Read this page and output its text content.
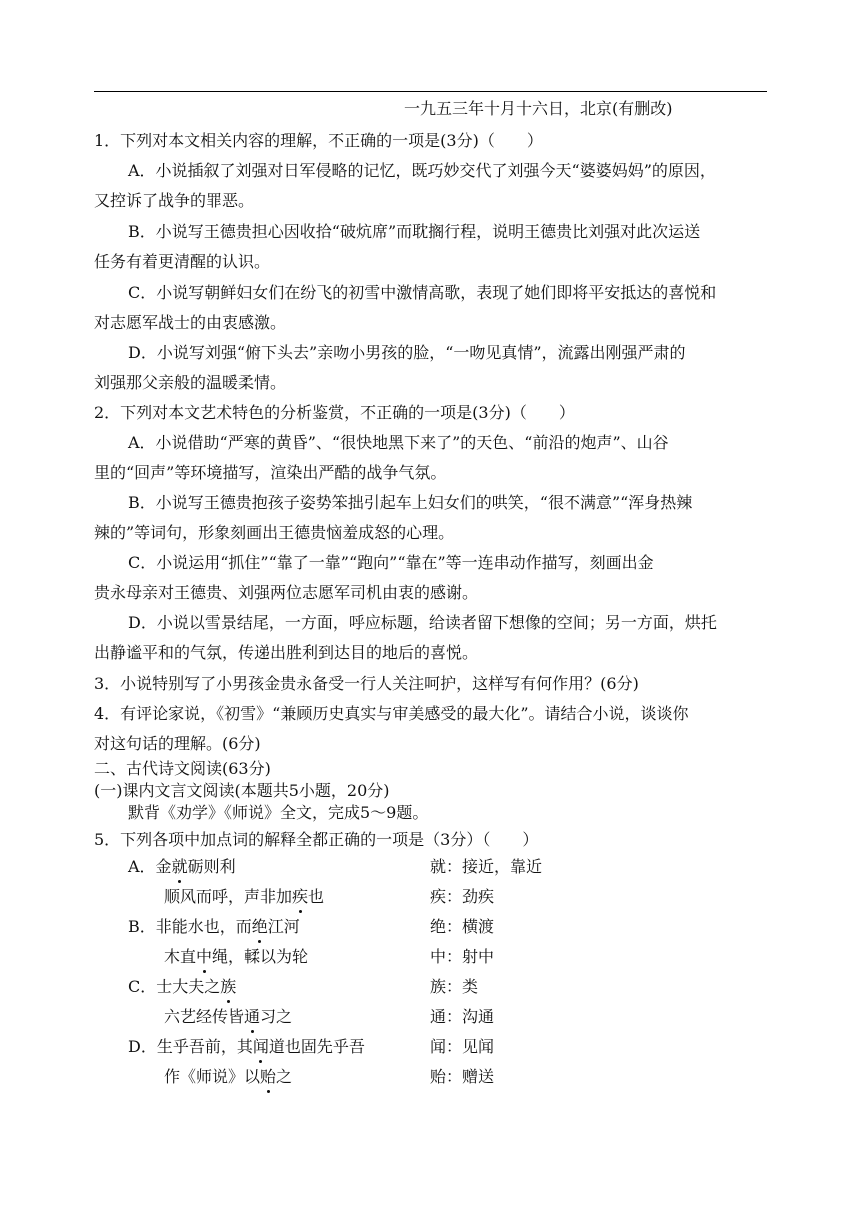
一九五三年十月十六日，北京(有删改)
1．下列对本文相关内容的理解，不正确的一项是(3分)（　　）
A．小说插叙了刘强对日军侵略的记忆，既巧妙交代了刘强今天“婆婆妈妈”的原因，
又控诉了战争的罪恶。
B．小说写王德贵担心因收拾“破炕席”而耽搁行程，说明王德贵比刘强对此次运送
任务有着更清醒的认识。
C．小说写朝鲜妇女们在纷飞的初雪中激情高歌，表现了她们即将平安抵达的喜悦和
对志愿军战士的由衷感激。
D．小说写刘强“俯下头去”亲吻小男孩的脸，“一吻见真情”，流露出刚强严肃的
刘强那父亲般的温暖柔情。
2．下列对本文艺术特色的分析鉴赏，不正确的一项是(3分)（　　）
A．小说借助“严寒的黄昏”、“很快地黑下来了”的天色、“前沿的炮声”、山谷
里的“回声”等环境描写，渲染出严酷的战争气氛。
B．小说写王德贵抱孩子姿势笨拙引起车上妇女们的哄笑，“很不满意”“浑身热辣
辣的”等词句，形象刻画出王德贵恼羞成怒的心理。
C．小说运用“抓住”“靠了一靠”“跑向”“靠在”等一连串动作描写，刻画出金
贵永母亲对王德贵、刘强两位志愿军司机由衷的感谢。
D．小说以雪景结尾，一方面，呼应标题，给读者留下想像的空间；另一方面，烘托
出静谧平和的气氛，传递出胜利到达目的地后的喜悦。
3．小说特别写了小男孩金贵永备受一行人关注呵护，这样写有何作用？(6分)
4．有评论家说，《初雪》“兼顾历史真实与审美感受的最大化”。请结合小说，谈谈你
对这句话的理解。(6分)
二、古代诗文阅读(63分)
(一)课内文言文阅读(本题共5小题，20分)
默背《劝学》《师说》全文，完成5～9题。
5．下列各项中加点词的解释全都正确的一项是（3分）（　　）
A．金就砺则利	就：接近，靠近
顺风而呼，声非加疾也	疾：劲疾
B．非能水也，而绝江河	绝：横渡
木直中绳，輮以为轮	中：射中
C．士大夫之族	族：类
六艺经传皆通习之	通：沟通
D．生乎吾前，其闻道也固先乎吾	闻：见闻
作《师说》以贻之	贻：赠送
